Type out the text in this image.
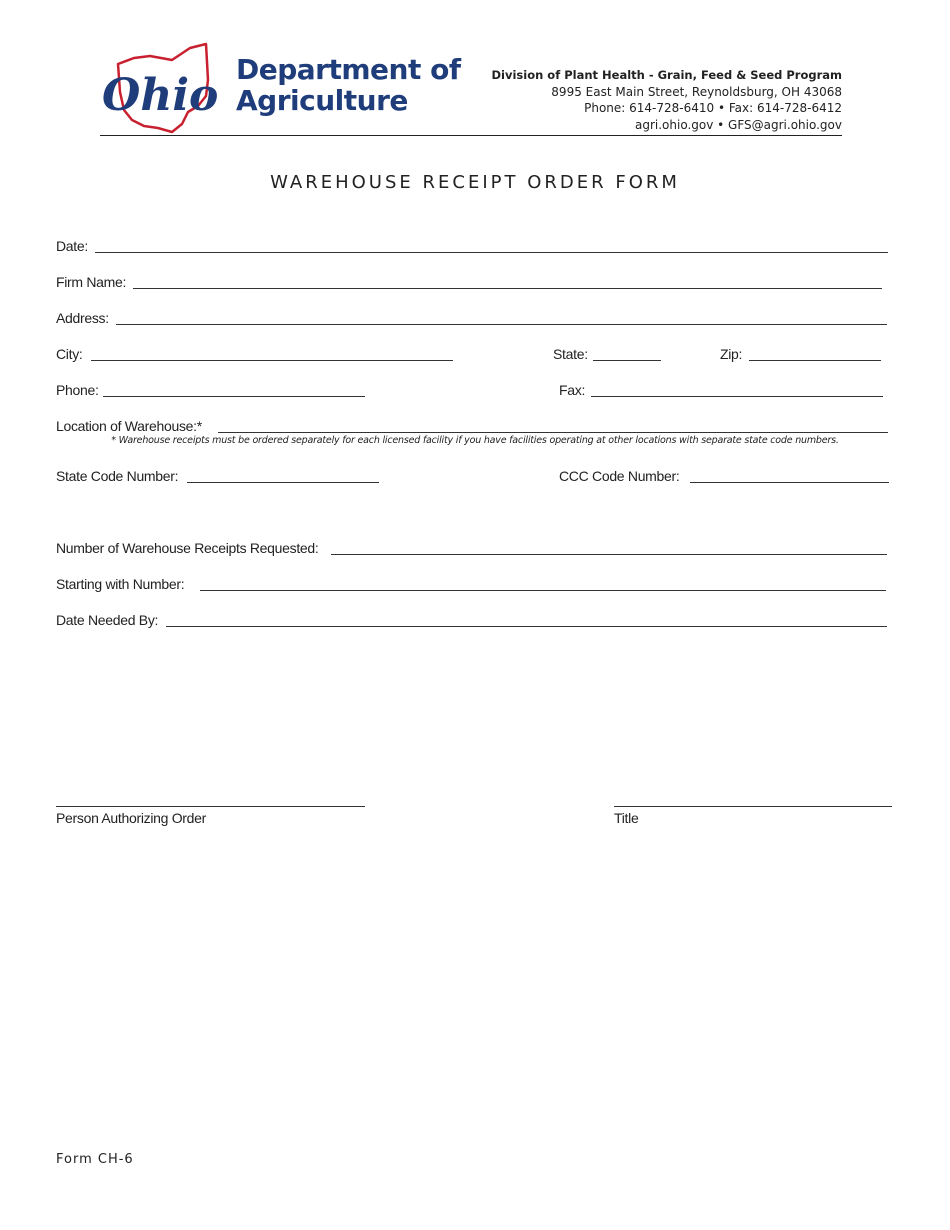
Ohio
Department of
Agriculture
Division of Plant Health - Grain, Feed & Seed Program
8995 East Main Street, Reynoldsburg, OH 43068
Phone: 614-728-6410 • Fax: 614-728-6412
agri.ohio.gov • GFS@agri.ohio.gov
WAREHOUSE RECEIPT ORDER FORM
Date:
Firm Name:
Address:
City:	State:	Zip:
Phone:	Fax:
Location of Warehouse:*
* Warehouse receipts must be ordered separately for each licensed facility if you have facilities operating at other locations with separate state code numbers.
State Code Number:	CCC Code Number:
Number of Warehouse Receipts Requested:
Starting with Number:
Date Needed By:
Person Authorizing Order	Title
Form CH-6
